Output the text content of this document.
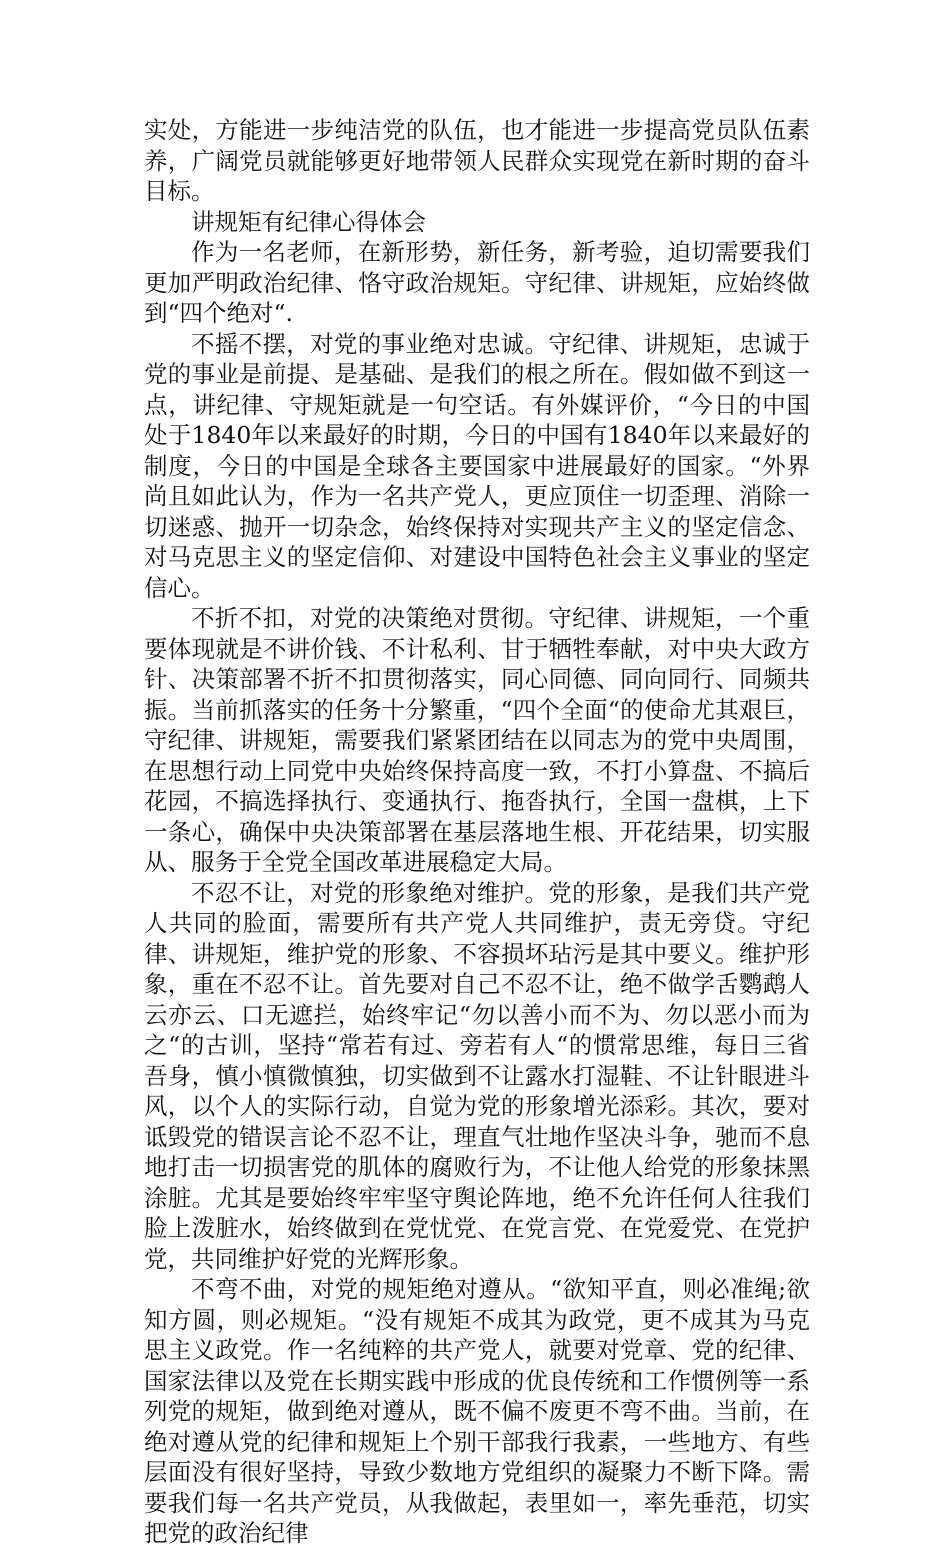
实处，方能进一步纯洁党的队伍，也才能进一步提高党员队伍素养，广阔党员就能够更好地带领人民群众实现党在新时期的奋斗目标。

讲规矩有纪律心得体会

作为一名老师，在新形势，新任务，新考验，迫切需要我们更加严明政治纪律、恪守政治规矩。守纪律、讲规矩，应始终做到“四个绝对“.

不摇不摆，对党的事业绝对忠诚。守纪律、讲规矩，忠诚于党的事业是前提、是基础、是我们的根之所在。假如做不到这一点，讲纪律、守规矩就是一句空话。有外媒评价，“今日的中国处于1840年以来最好的时期，今日的中国有1840年以来最好的制度，今日的中国是全球各主要国家中进展最好的国家。“外界尚且如此认为，作为一名共产党人，更应顶住一切歪理、消除一切迷惑、抛开一切杂念，始终保持对实现共产主义的坚定信念、对马克思主义的坚定信仰、对建设中国特色社会主义事业的坚定信心。

不折不扣，对党的决策绝对贯彻。守纪律、讲规矩，一个重要体现就是不讲价钱、不计私利、甘于牺牲奉献，对中央大政方针、决策部署不折不扣贯彻落实，同心同德、同向同行、同频共振。当前抓落实的任务十分繁重，“四个全面“的使命尤其艰巨，守纪律、讲规矩，需要我们紧紧团结在以同志为的党中央周围，在思想行动上同党中央始终保持高度一致，不打小算盘、不搞后花园，不搞选择执行、变通执行、拖沓执行，全国一盘棋，上下一条心，确保中央决策部署在基层落地生根、开花结果，切实服从、服务于全党全国改革进展稳定大局。

不忍不让，对党的形象绝对维护。党的形象，是我们共产党人共同的脸面，需要所有共产党人共同维护，责无旁贷。守纪律、讲规矩，维护党的形象、不容损坏玷污是其中要义。维护形象，重在不忍不让。首先要对自己不忍不让，绝不做学舌鹦鹉人云亦云、口无遮拦，始终牢记“勿以善小而不为、勿以恶小而为之“的古训，坚持“常若有过、旁若有人“的惯常思维，每日三省吾身，慎小慎微慎独，切实做到不让露水打湿鞋、不让针眼进斗风，以个人的实际行动，自觉为党的形象增光添彩。其次，要对诋毁党的错误言论不忍不让，理直气壮地作坚决斗争，驰而不息地打击一切损害党的肌体的腐败行为，不让他人给党的形象抹黑涂脏。尤其是要始终牢牢坚守舆论阵地，绝不允许任何人往我们脸上泼脏水，始终做到在党忧党、在党言党、在党爱党、在党护党，共同维护好党的光辉形象。

不弯不曲，对党的规矩绝对遵从。“欲知平直，则必准绳;欲知方圆，则必规矩。“没有规矩不成其为政党，更不成其为马克思主义政党。作一名纯粹的共产党人，就要对党章、党的纪律、国家法律以及党在长期实践中形成的优良传统和工作惯例等一系列党的规矩，做到绝对遵从，既不偏不废更不弯不曲。当前，在绝对遵从党的纪律和规矩上个别干部我行我素，一些地方、有些层面没有很好坚持，导致少数地方党组织的凝聚力不断下降。需要我们每一名共产党员，从我做起，表里如一，率先垂范，切实把党的政治纪律
